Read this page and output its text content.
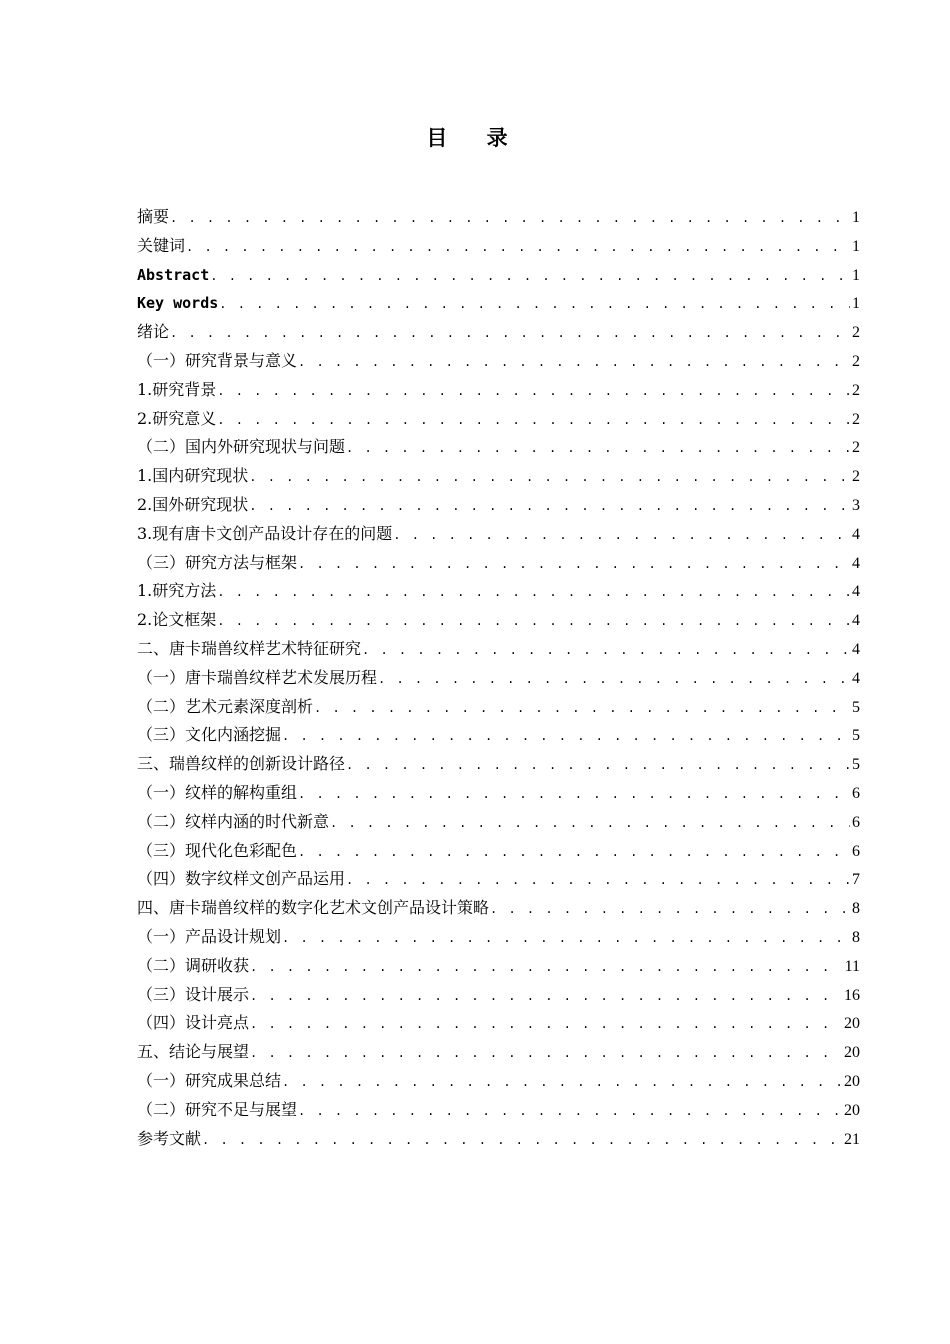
目 录
摘要 . . .	1
关键词 . . .	1
Abstract . . .	1
Key words . . .	1
绪论 . . .	2
（一）研究背景与意义 . . .	2
1.研究背景 . . .	2
2.研究意义 . . .	2
（二）国内外研究现状与问题 . . .	2
1.国内研究现状 . . .	2
2.国外研究现状 . . .	3
3.现有唐卡文创产品设计存在的问题 . . .	4
（三）研究方法与框架 . . .	4
1.研究方法 . . .	4
2.论文框架 . . .	4
二、唐卡瑞兽纹样艺术特征研究 . . .	4
（一）唐卡瑞兽纹样艺术发展历程 . . .	4
（二）艺术元素深度剖析 . . .	5
（三）文化内涵挖掘 . . .	5
三、瑞兽纹样的创新设计路径 . . .	5
（一）纹样的解构重组 . . .	6
（二）纹样内涵的时代新意 . . .	6
（三）现代化色彩配色 . . .	6
（四）数字纹样文创产品运用 . . .	7
四、唐卡瑞兽纹样的数字化艺术文创产品设计策略 . . .	8
（一）产品设计规划 . . .	8
（二）调研收获 . . .	11
（三）设计展示 . . .	16
（四）设计亮点 . . .	20
五、结论与展望 . . .	20
（一）研究成果总结 . . .	20
（二）研究不足与展望 . . .	20
参考文献 . . .	21
